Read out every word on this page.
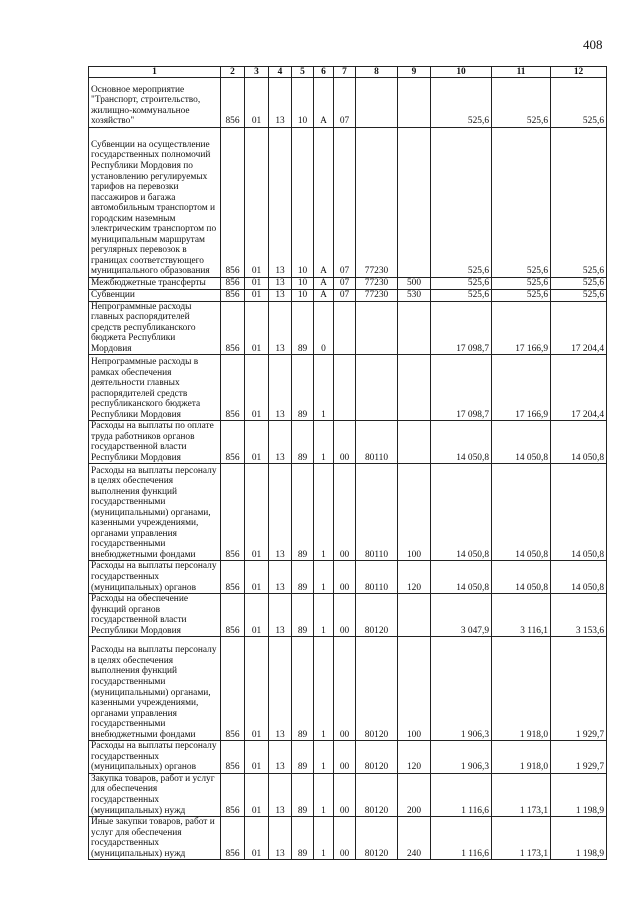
408
1	2	3	4	5	6	7	8	9	10	11	12
Основное мероприятие "Транспорт, строительство, жилищно-коммунальное хозяйство"	856	01	13	10	А	07			525,6	525,6	525,6
Субвенции на осуществление государственных полномочий Республики Мордовия по установлению регулируемых тарифов на перевозки пассажиров и багажа автомобильным транспортом и городским наземным электрическим транспортом по муниципальным маршрутам регулярных перевозок в границах соответствующего муниципального образования	856	01	13	10	А	07	77230		525,6	525,6	525,6
Межбюджетные трансферты	856	01	13	10	А	07	77230	500	525,6	525,6	525,6
Субвенции	856	01	13	10	А	07	77230	530	525,6	525,6	525,6
Непрограммные расходы главных распорядителей средств республиканского бюджета Республики Мордовия	856	01	13	89	0				17 098,7	17 166,9	17 204,4
Непрограммные расходы в рамках обеспечения деятельности главных распорядителей средств республиканского бюджета Республики Мордовия	856	01	13	89	1				17 098,7	17 166,9	17 204,4
Расходы на выплаты по оплате труда работников органов государственной власти Республики Мордовия	856	01	13	89	1	00	80110		14 050,8	14 050,8	14 050,8
Расходы на выплаты персоналу в целях обеспечения выполнения функций государственными (муниципальными) органами, казенными учреждениями, органами управления государственными внебюджетными фондами	856	01	13	89	1	00	80110	100	14 050,8	14 050,8	14 050,8
Расходы на выплаты персоналу государственных (муниципальных) органов	856	01	13	89	1	00	80110	120	14 050,8	14 050,8	14 050,8
Расходы на обеспечение функций органов государственной власти Республики Мордовия	856	01	13	89	1	00	80120		3 047,9	3 116,1	3 153,6
Расходы на выплаты персоналу в целях обеспечения выполнения функций государственными (муниципальными) органами, казенными учреждениями, органами управления государственными внебюджетными фондами	856	01	13	89	1	00	80120	100	1 906,3	1 918,0	1 929,7
Расходы на выплаты персоналу государственных (муниципальных) органов	856	01	13	89	1	00	80120	120	1 906,3	1 918,0	1 929,7
Закупка товаров, работ и услуг для обеспечения государственных (муниципальных) нужд	856	01	13	89	1	00	80120	200	1 116,6	1 173,1	1 198,9
Иные закупки товаров, работ и услуг для обеспечения государственных (муниципальных) нужд	856	01	13	89	1	00	80120	240	1 116,6	1 173,1	1 198,9
